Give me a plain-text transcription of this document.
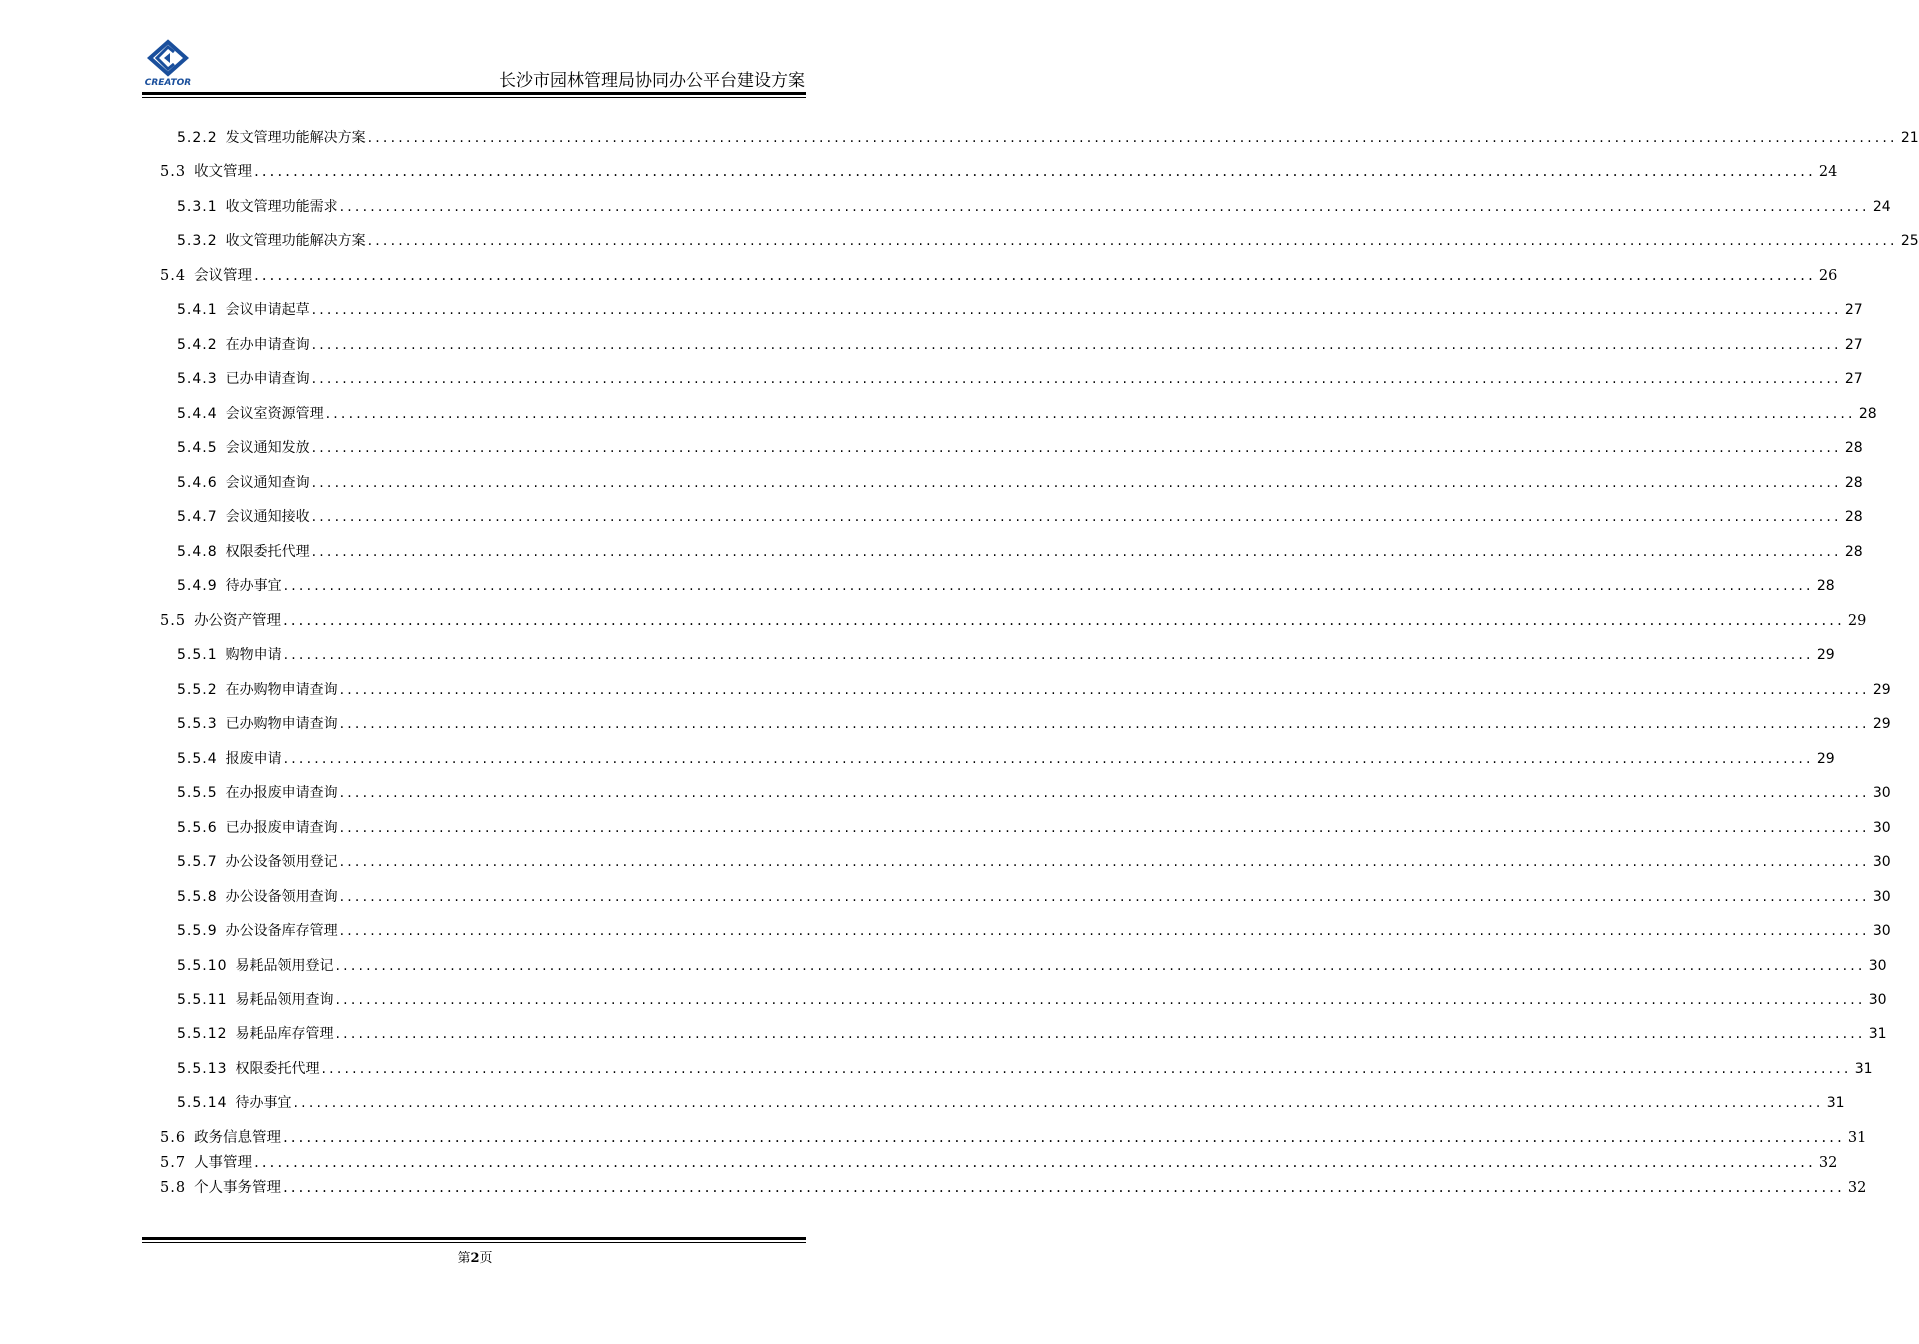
CREATOR	长沙市园林管理局协同办公平台建设方案
5.2.2 发文管理功能解决方案 ........................................................................................................................................................................................................ 21
5.3 收文管理 ........................................................................................................................................................................................................ 24
5.3.1 收文管理功能需求 ........................................................................................................................................................................................................ 24
5.3.2 收文管理功能解决方案 ........................................................................................................................................................................................................ 25
5.4 会议管理 ........................................................................................................................................................................................................ 26
5.4.1 会议申请起草 ........................................................................................................................................................................................................ 27
5.4.2 在办申请查询 ........................................................................................................................................................................................................ 27
5.4.3 已办申请查询 ........................................................................................................................................................................................................ 27
5.4.4 会议室资源管理 ........................................................................................................................................................................................................ 28
5.4.5 会议通知发放 ........................................................................................................................................................................................................ 28
5.4.6 会议通知查询 ........................................................................................................................................................................................................ 28
5.4.7 会议通知接收 ........................................................................................................................................................................................................ 28
5.4.8 权限委托代理 ........................................................................................................................................................................................................ 28
5.4.9 待办事宜 ........................................................................................................................................................................................................ 28
5.5 办公资产管理 ........................................................................................................................................................................................................ 29
5.5.1 购物申请 ........................................................................................................................................................................................................ 29
5.5.2 在办购物申请查询 ........................................................................................................................................................................................................ 29
5.5.3 已办购物申请查询 ........................................................................................................................................................................................................ 29
5.5.4 报废申请 ........................................................................................................................................................................................................ 29
5.5.5 在办报废申请查询 ........................................................................................................................................................................................................ 30
5.5.6 已办报废申请查询 ........................................................................................................................................................................................................ 30
5.5.7 办公设备领用登记 ........................................................................................................................................................................................................ 30
5.5.8 办公设备领用查询 ........................................................................................................................................................................................................ 30
5.5.9 办公设备库存管理 ........................................................................................................................................................................................................ 30
5.5.10 易耗品领用登记 ........................................................................................................................................................................................................ 30
5.5.11 易耗品领用查询 ........................................................................................................................................................................................................ 30
5.5.12 易耗品库存管理 ........................................................................................................................................................................................................ 31
5.5.13 权限委托代理 ........................................................................................................................................................................................................ 31
5.5.14 待办事宜 ........................................................................................................................................................................................................ 31
5.6 政务信息管理 ........................................................................................................................................................................................................ 31
5.7 人事管理 ........................................................................................................................................................................................................ 32
5.8 个人事务管理 ........................................................................................................................................................................................................ 32
第2页
